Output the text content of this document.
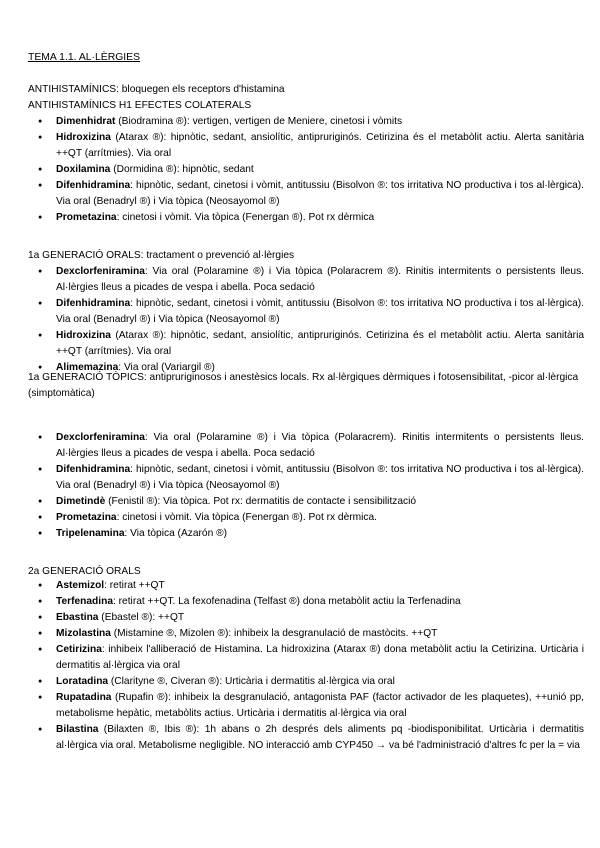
TEMA 1.1. AL·LÈRGIES
ANTIHISTAMÍNICS: bloquegen els receptors d'histamina
ANTIHISTAMÍNICS H1 EFECTES COLATERALS
● Dimenhidrat (Biodramina ®): vertigen, vertigen de Meniere, cinetosi i vòmits
● Hidroxizina (Atarax ®): hipnòtic, sedant, ansiolític, antipruriginós. Cetirizina és el metabòlit actiu. Alerta sanitària ++QT (arrítmies). Via oral
● Doxilamina (Dormidina ®): hipnòtic, sedant
● Difenhidramina: hipnòtic, sedant, cinetosi i vòmit, antitussiu (Bisolvon ®: tos irritativa NO productiva i tos al·lèrgica). Via oral (Benadryl ®) i Via tòpica (Neosayomol ®)
● Prometazina: cinetosi i vòmit. Via tòpica (Fenergan ®). Pot rx dèrmica
1a GENERACIÓ ORALS: tractament o prevenció al·lèrgies
● Dexclorfeniramina: Via oral (Polaramine ®) i Via tòpica (Polaracrem ®). Rinitis intermitents o persistents lleus. Al·lèrgies lleus a picades de vespa i abella. Poca sedació
● Difenhidramina: hipnòtic, sedant, cinetosi i vòmit, antitussiu (Bisolvon ®: tos irritativa NO productiva i tos al·lèrgica). Via oral (Benadryl ®) i Via tòpica (Neosayomol ®)
● Hidroxizina (Atarax ®): hipnòtic, sedant, ansiolític, antipruriginós. Cetirizina és el metabòlit actiu. Alerta sanitària ++QT (arrítmies). Via oral
● Alimemazina: Via oral (Variargil ®)
1a GENERACIÓ TÒPICS: antipruriginosos i anestèsics locals. Rx al·lèrgiques dèrmiques i fotosensibilitat, -picor al·lèrgica (simptomàtica)
● Dexclorfeniramina: Via oral (Polaramine ®) i Via tòpica (Polaracrem). Rinitis intermitents o persistents lleus. Al·lèrgies lleus a picades de vespa i abella. Poca sedació
● Difenhidramina: hipnòtic, sedant, cinetosi i vòmit, antitussiu (Bisolvon ®: tos irritativa NO productiva i tos al·lèrgica). Via oral (Benadryl ®) i Via tòpica (Neosayomol ®)
● Dimetindè (Fenistil ®): Via tòpica. Pot rx: dermatitis de contacte i sensibilització
● Prometazina: cinetosi i vòmit. Via tòpica (Fenergan ®). Pot rx dèrmica.
● Tripelenamina: Via tòpica (Azarón ®)
2a GENERACIÓ ORALS
● Astemizol: retirat ++QT
● Terfenadina: retirat ++QT. La fexofenadina (Telfast ®) dona metabòlit actiu la Terfenadina
● Ebastina (Ebastel ®): ++QT
● Mizolastina (Mistamine ®, Mizolen ®): inhibeix la desgranulació de mastòcits. ++QT
● Cetirizina: inhibeix l'alliberació de Histamina. La hidroxizina (Atarax ®) dona metabòlit actiu la Cetirizina. Urticària i dermatitis al·lèrgica via oral
● Loratadina (Clarityne ®, Civeran ®): Urticària i dermatitis al·lèrgica via oral
● Rupatadina (Rupafin ®): inhibeix la desgranulació, antagonista PAF (factor activador de les plaquetes), ++unió pp, metabolisme hepàtic, metabòlits actius. Urticària i dermatitis al·lèrgica via oral
● Bilastina (Bilaxten ®, Ibis ®): 1h abans o 2h després dels aliments pq -biodisponibilitat. Urticària i dermatitis al·lèrgica via oral. Metabolisme negligible. NO interacció amb CYP450 → va bé l'administració d'altres fc per la = via
